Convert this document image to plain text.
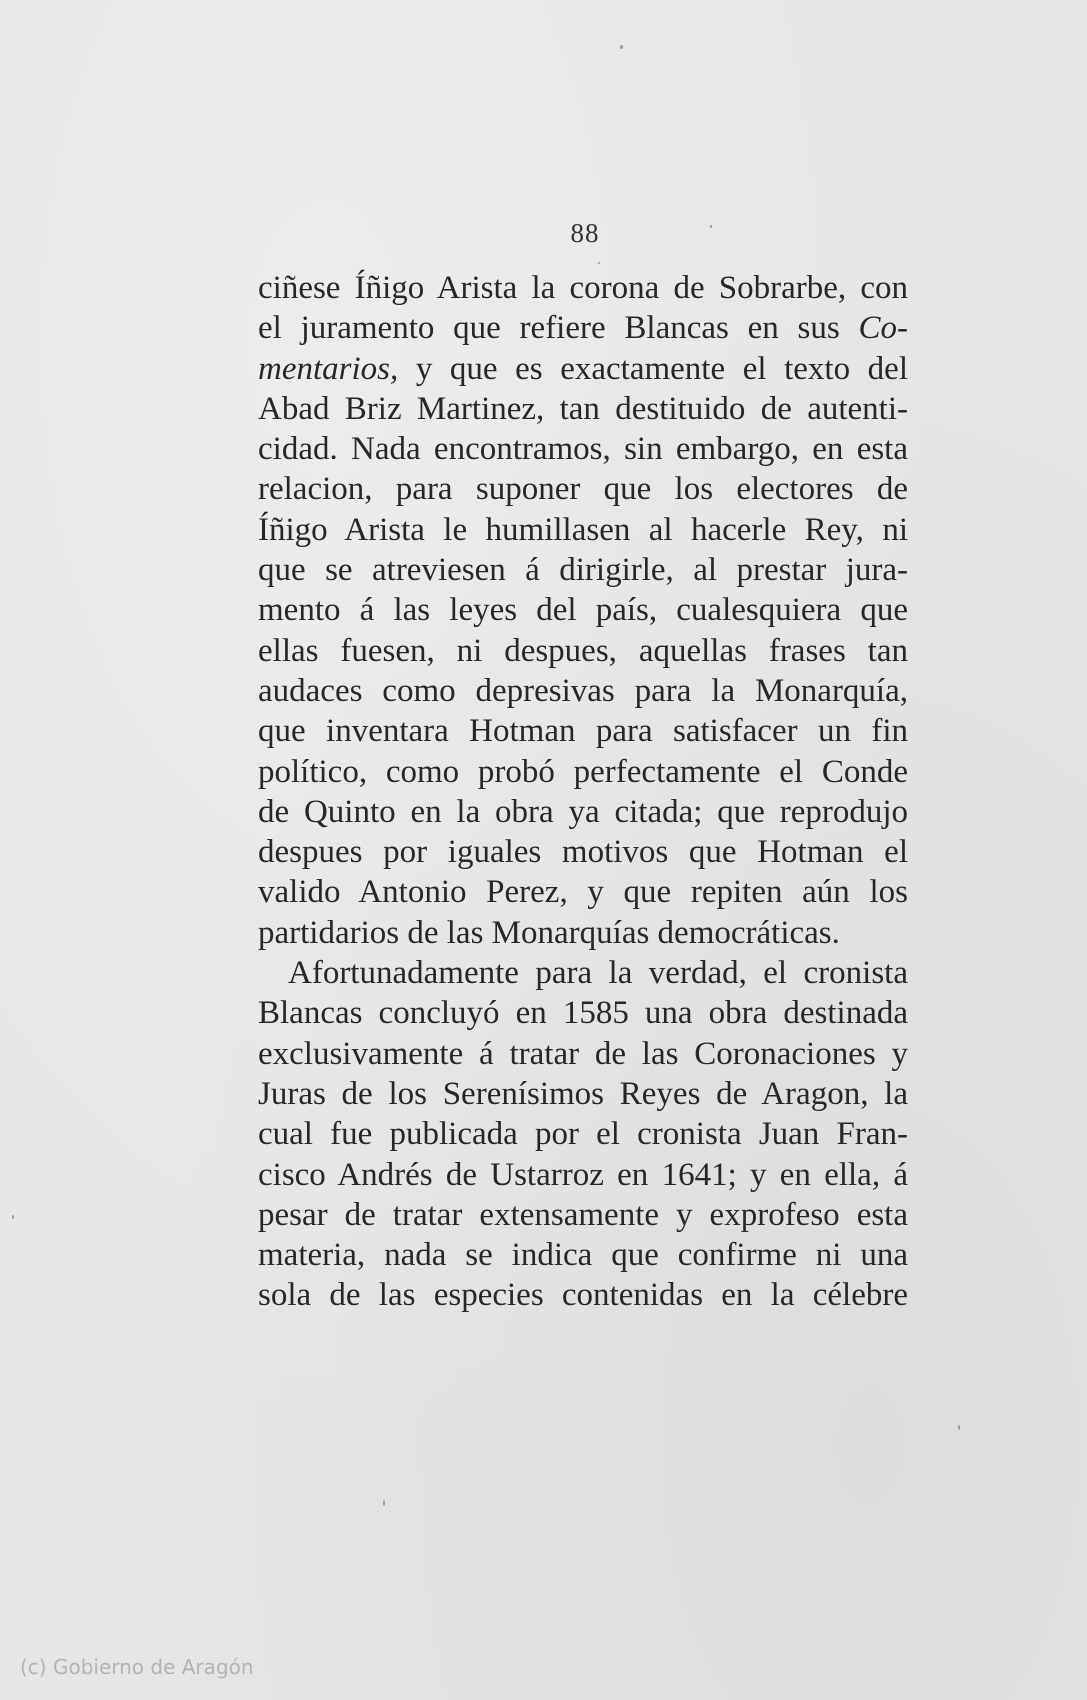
88
ciñese Íñigo Arista la corona de Sobrarbe, con
el juramento que refiere Blancas en sus Co-
mentarios, y que es exactamente el texto del
Abad Briz Martinez, tan destituido de autenti-
cidad. Nada encontramos, sin embargo, en esta
relacion, para suponer que los electores de
Íñigo Arista le humillasen al hacerle Rey, ni
que se atreviesen á dirigirle, al prestar jura-
mento á las leyes del país, cualesquiera que
ellas fuesen, ni despues, aquellas frases tan
audaces como depresivas para la Monarquía,
que inventara Hotman para satisfacer un fin
político, como probó perfectamente el Conde
de Quinto en la obra ya citada; que reprodujo
despues por iguales motivos que Hotman el
valido Antonio Perez, y que repiten aún los
partidarios de las Monarquías democráticas.
Afortunadamente para la verdad, el cronista
Blancas concluyó en 1585 una obra destinada
exclusivamente á tratar de las Coronaciones y
Juras de los Serenísimos Reyes de Aragon, la
cual fue publicada por el cronista Juan Fran-
cisco Andrés de Ustarroz en 1641; y en ella, á
pesar de tratar extensamente y exprofeso esta
materia, nada se indica que confirme ni una
sola de las especies contenidas en la célebre
(c) Gobierno de Aragón
